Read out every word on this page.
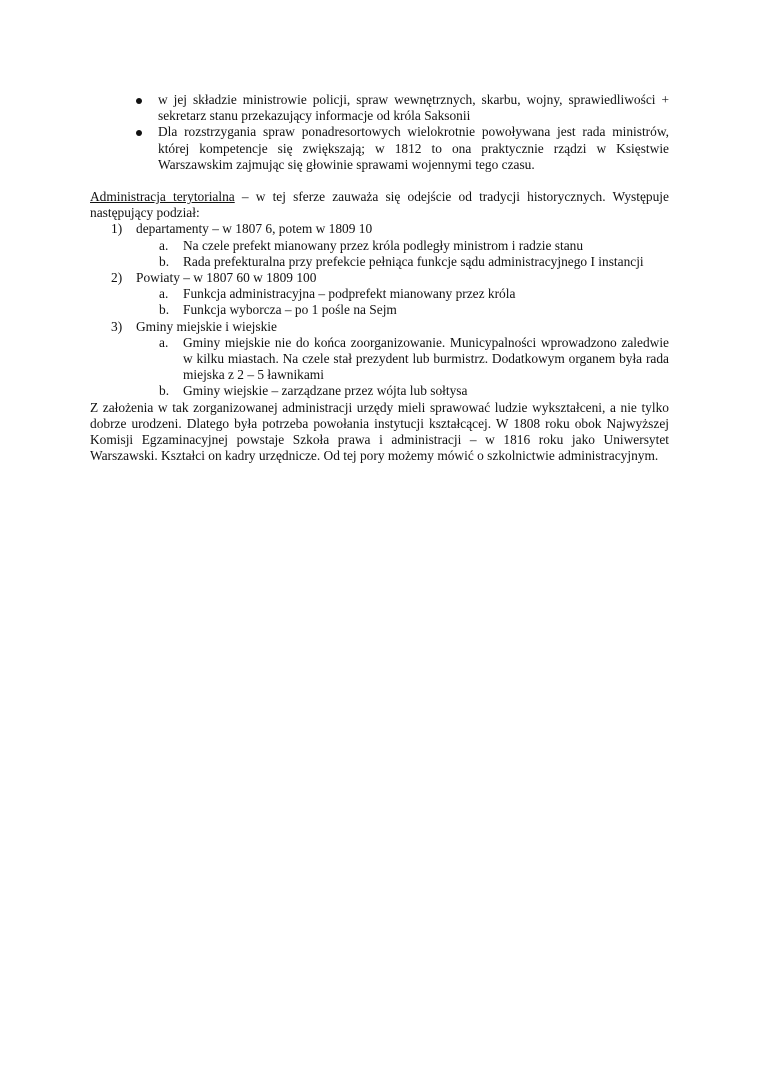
w jej składzie ministrowie policji, spraw wewnętrznych, skarbu, wojny, sprawiedliwości + sekretarz stanu przekazujący informacje od króla Saksonii
Dla rozstrzygania spraw ponadresortowych wielokrotnie powoływana jest rada ministrów, której kompetencje się zwiększają; w 1812 to ona praktycznie rządzi w Księstwie Warszawskim zajmując się głowinie sprawami wojennymi tego czasu.

Administracja terytorialna – w tej sferze zauważa się odejście od tradycji historycznych. Występuje następujący podział:

1) departamenty – w 1807 6, potem w 1809 10
a. Na czele prefekt mianowany przez króla podległy ministrom i radzie stanu
b. Rada prefekturalna przy prefekcie pełniąca funkcje sądu administracyjnego I instancji
2) Powiaty – w 1807 60 w 1809 100
a. Funkcja administracyjna – podprefekt mianowany przez króla
b. Funkcja wyborcza – po 1 pośle na Sejm
3) Gminy miejskie i wiejskie
a. Gminy miejskie nie do końca zoorganizowanie. Municypalności wprowadzono zaledwie w kilku miastach. Na czele stał prezydent lub burmistrz. Dodatkowym organem była rada miejska z 2 – 5 ławnikami
b. Gminy wiejskie – zarządzane przez wójta lub sołtysa

Z założenia w tak zorganizowanej administracji urzędy mieli sprawować ludzie wykształceni, a nie tylko dobrze urodzeni. Dlatego była potrzeba powołania instytucji kształcącej. W 1808 roku obok Najwyższej Komisji Egzaminacyjnej powstaje Szkoła prawa i administracji – w 1816 roku jako Uniwersytet Warszawski. Kształci on kadry urzędnicze. Od tej pory możemy mówić o szkolnictwie administracyjnym.
